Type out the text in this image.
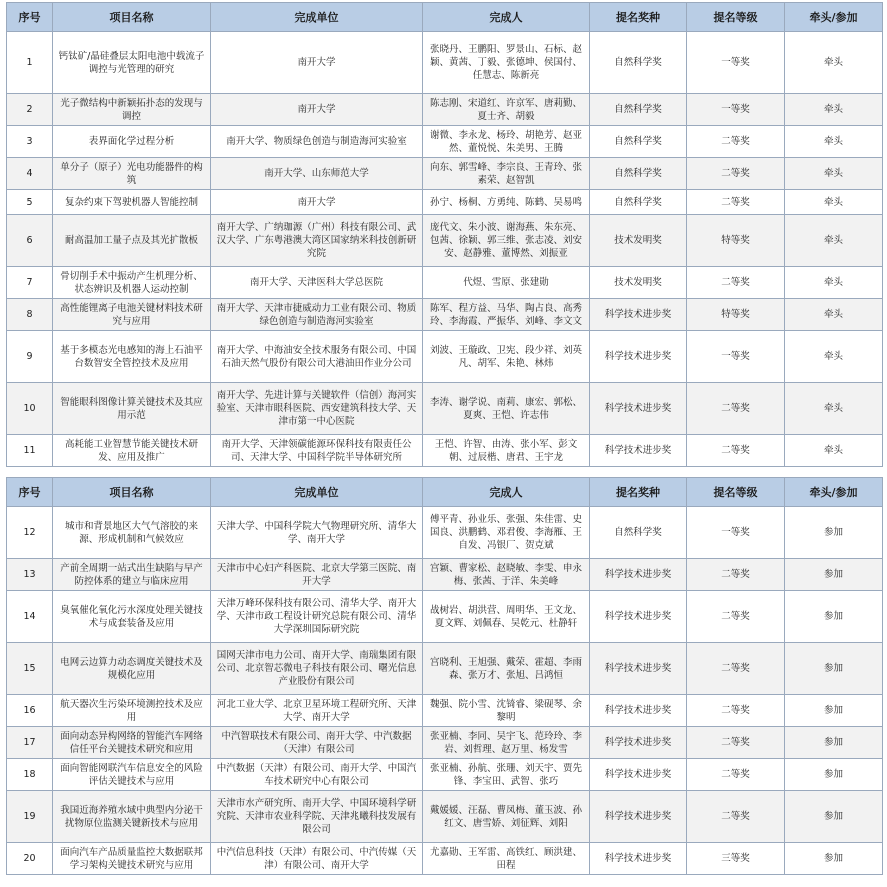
序号	项目名称	完成单位	完成人	提名奖种	提名等级	牵头/参加
1	钙钛矿/晶硅叠层太阳电池中载流子调控与光管理的研究	南开大学	张晓丹、王鹏阳、罗景山、石标、赵颖、黄茜、丁毅、张德坤、侯国付、任慧志、陈新亮	自然科学奖	一等奖	牵头
2	光子微结构中新颖拓扑态的发现与调控	南开大学	陈志刚、宋道红、许京军、唐莉勤、夏士齐、胡毅	自然科学奖	一等奖	牵头
3	表界面化学过程分析	南开大学、物质绿色创造与制造海河实验室	谢微、李永龙、杨玲、胡艳芳、赵亚然、董悦悦、朱美男、王腾	自然科学奖	二等奖	牵头
4	单分子（原子）光电功能器件的构筑	南开大学、山东师范大学	向东、郭雪峰、李宗良、王青玲、张素荣、赵智凯	自然科学奖	二等奖	牵头
5	复杂约束下驾驶机器人智能控制	南开大学	孙宁、杨桐、方勇纯、陈鹤、吴易鸣	自然科学奖	二等奖	牵头
6	耐高温加工量子点及其光扩散板	南开大学、广纳珈源（广州）科技有限公司、武汉大学、广东粤港澳大湾区国家纳米科技创新研究院	庞代文、朱小波、谢海燕、朱东亮、包茜、徐颖、郭三维、张志凌、刘安安、赵静雅、董博然、刘振亚	技术发明奖	特等奖	牵头
7	骨切削手术中振动产生机理分析、状态辨识及机器人运动控制	南开大学、天津医科大学总医院	代煜、雪原、张建勋	技术发明奖	二等奖	牵头
8	高性能锂离子电池关键材料技术研究与应用	南开大学、天津市捷威动力工业有限公司、物质绿色创造与制造海河实验室	陈军、程方益、马华、陶占良、高秀玲、李海霞、严振华、刘峰、李文文	科学技术进步奖	特等奖	牵头
9	基于多模态光电感知的海上石油平台数智安全管控技术及应用	南开大学、中海油安全技术服务有限公司、中国石油天然气股份有限公司大港油田作业分公司	刘波、王璇政、卫宪、段少祥、刘英凡、胡军、朱艳、林炜	科学技术进步奖	一等奖	牵头
10	智能眼科图像计算关键技术及其应用示范	南开大学、先进计算与关键软件（信创）海河实验室、天津市眼科医院、西安建筑科技大学、天津市第一中心医院	李涛、谢学说、南莉、康宏、郭松、夏爽、王恺、许志伟	科学技术进步奖	二等奖	牵头
11	高耗能工业智慧节能关键技术研发、应用及推广	南开大学、天津领碳能源环保科技有限责任公司、天津大学、中国科学院半导体研究所	王恺、许智、由涛、张小军、彭文朝、过辰楷、唐君、王宇龙	科学技术进步奖	二等奖	牵头
序号	项目名称	完成单位	完成人	提名奖种	提名等级	牵头/参加
12	城市和背景地区大气气溶胶的来源、形成机制和气候效应	天津大学、中国科学院大气物理研究所、清华大学、南开大学	傅平青、孙业乐、张强、朱佳雷、史国良、洪鹏鹤、邓君俊、李海雁、王自发、冯银厂、贺克斌	自然科学奖	一等奖	参加
13	产前全周期一站式出生缺陷与早产防控体系的建立与临床应用	天津市中心妇产科医院、北京大学第三医院、南开大学	宫颖、曹家松、赵晓敏、李雯、申永梅、张茜、于洋、朱美峰	科学技术进步奖	二等奖	参加
14	臭氧催化氧化污水深度处理关键技术与成套装备及应用	天津万峰环保科技有限公司、清华大学、南开大学、天津市政工程设计研究总院有限公司、清华大学深圳国际研究院	战树岩、胡洪营、周明华、王文龙、夏文辉、刘佩春、吴乾元、杜静轩	科学技术进步奖	二等奖	参加
15	电网云边算力动态调度关键技术及规模化应用	国网天津市电力公司、南开大学、南瑞集团有限公司、北京智芯微电子科技有限公司、曙光信息产业股份有限公司	宫晓利、王旭强、戴荣、霍超、李雨森、张万才、张旭、吕鸿恒	科学技术进步奖	二等奖	参加
16	航天器次生污染环境测控技术及应用	河北工业大学、北京卫星环境工程研究所、天津大学、南开大学	魏强、院小雪、沈锜睿、梁砚琴、余黎明	科学技术进步奖	二等奖	参加
17	面向动态异构网络的智能汽车网络信任平台关键技术研究和应用	中汽智联技术有限公司、南开大学、中汽数据（天津）有限公司	张亚楠、李同、吴宇飞、范玲玲、李岩、刘哲理、赵万里、杨发雪	科学技术进步奖	二等奖	参加
18	面向智能网联汽车信息安全的风险评估关键技术与应用	中汽数据（天津）有限公司、南开大学、中国汽车技术研究中心有限公司	张亚楠、孙航、张珊、刘天宇、贾先锋、李宝田、武智、张巧	科学技术进步奖	二等奖	参加
19	我国近海养殖水域中典型内分泌干扰物原位监测关键新技术与应用	天津市水产研究所、南开大学、中国环境科学研究院、天津市农业科学院、天津兆曦科技发展有限公司	戴媛媛、汪磊、曹凤梅、董玉波、孙红文、唐雪娇、刘征辉、刘阳	科学技术进步奖	二等奖	参加
20	面向汽车产品质量监控大数据联邦学习架构关键技术研究与应用	中汽信息科技（天津）有限公司、中汽传媒（天津）有限公司、南开大学	尤嘉勋、王军雷、高铁红、顾洪建、田程	科学技术进步奖	三等奖	参加
